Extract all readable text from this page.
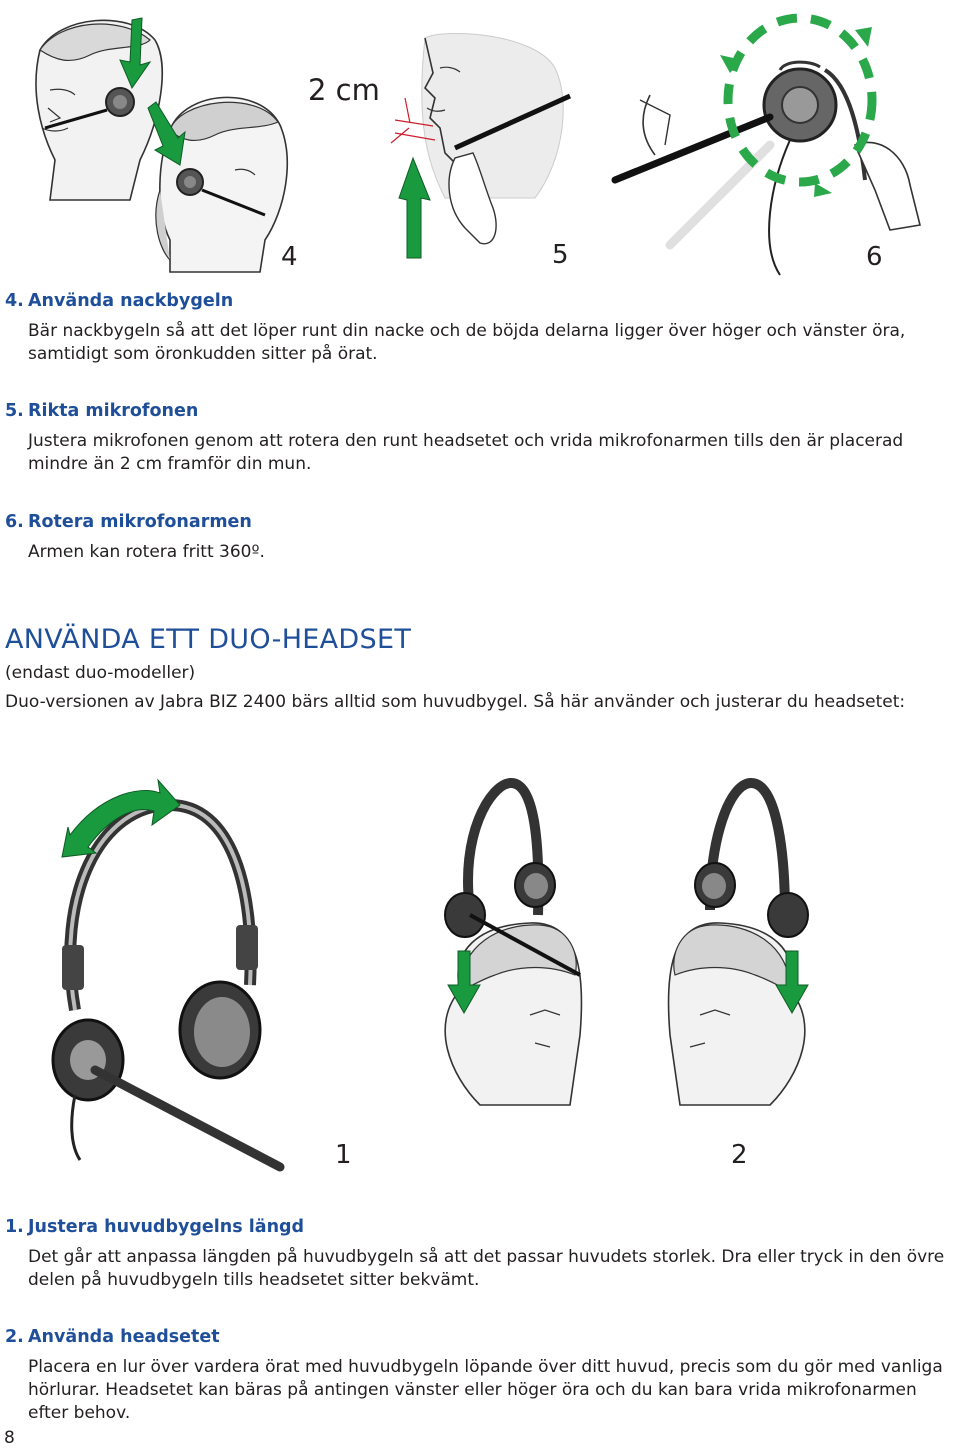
4
2 cm
5	6
4. Använda nackbygeln
Bär nackbygeln så att det löper runt din nacke och de böjda delarna ligger över höger och vänster öra, samtidigt som öronkudden sitter på örat.
5. Rikta mikrofonen
Justera mikrofonen genom att rotera den runt headsetet och vrida mikrofonarmen tills den är placerad mindre än 2 cm framför din mun.
6. Rotera mikrofonarmen
Armen kan rotera fritt 360º.
ANVÄNDA ETT DUO-HEADSET
(endast duo-modeller)
Duo-versionen av Jabra BIZ 2400 bärs alltid som huvudbygel. Så här använder och justerar du headsetet:
1	2
1. Justera huvudbygelns längd
Det går att anpassa längden på huvudbygeln så att det passar huvudets storlek. Dra eller tryck in den övre delen på huvudbygeln tills headsetet sitter bekvämt.
2. Använda headsetet
Placera en lur över vardera örat med huvudbygeln löpande över ditt huvud, precis som du gör med vanliga hörlurar. Headsetet kan bäras på antingen vänster eller höger öra och du kan bara vrida mikrofonarmen efter behov.
8
